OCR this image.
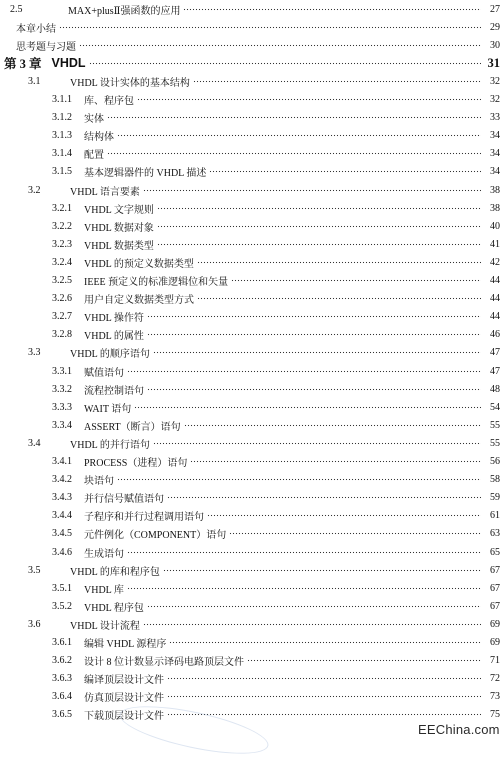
2.5	MAX+plusⅡ强函数的应用	27
本章小结	29
思考题与习题	30
第 3 章 VHDL	31
3.1	VHDL 设计实体的基本结构	32
3.1.1	库、程序包	32
3.1.2	实体	33
3.1.3	结构体	34
3.1.4	配置	34
3.1.5	基本逻辑器件的 VHDL 描述	34
3.2	VHDL 语言要素	38
3.2.1	VHDL 文字规则	38
3.2.2	VHDL 数据对象	40
3.2.3	VHDL 数据类型	41
3.2.4	VHDL 的预定义数据类型	42
3.2.5	IEEE 预定义的标准逻辑位和矢量	44
3.2.6	用户自定义数据类型方式	44
3.2.7	VHDL 操作符	44
3.2.8	VHDL 的属性	46
3.3	VHDL 的顺序语句	47
3.3.1	赋值语句	47
3.3.2	流程控制语句	48
3.3.3	WAIT 语句	54
3.3.4	ASSERT（断言）语句	55
3.4	VHDL 的并行语句	55
3.4.1	PROCESS（进程）语句	56
3.4.2	块语句	58
3.4.3	并行信号赋值语句	59
3.4.4	子程序和并行过程调用语句	61
3.4.5	元件例化（COMPONENT）语句	63
3.4.6	生成语句	65
3.5	VHDL 的库和程序包	67
3.5.1	VHDL 库	67
3.5.2	VHDL 程序包	67
3.6	VHDL 设计流程	69
3.6.1	编辑 VHDL 源程序	69
3.6.2	设计 8 位计数显示译码电路顶层文件	71
3.6.3	编译顶层设计文件	72
3.6.4	仿真顶层设计文件	73
3.6.5	下载顶层设计文件	75
EEChina.com
